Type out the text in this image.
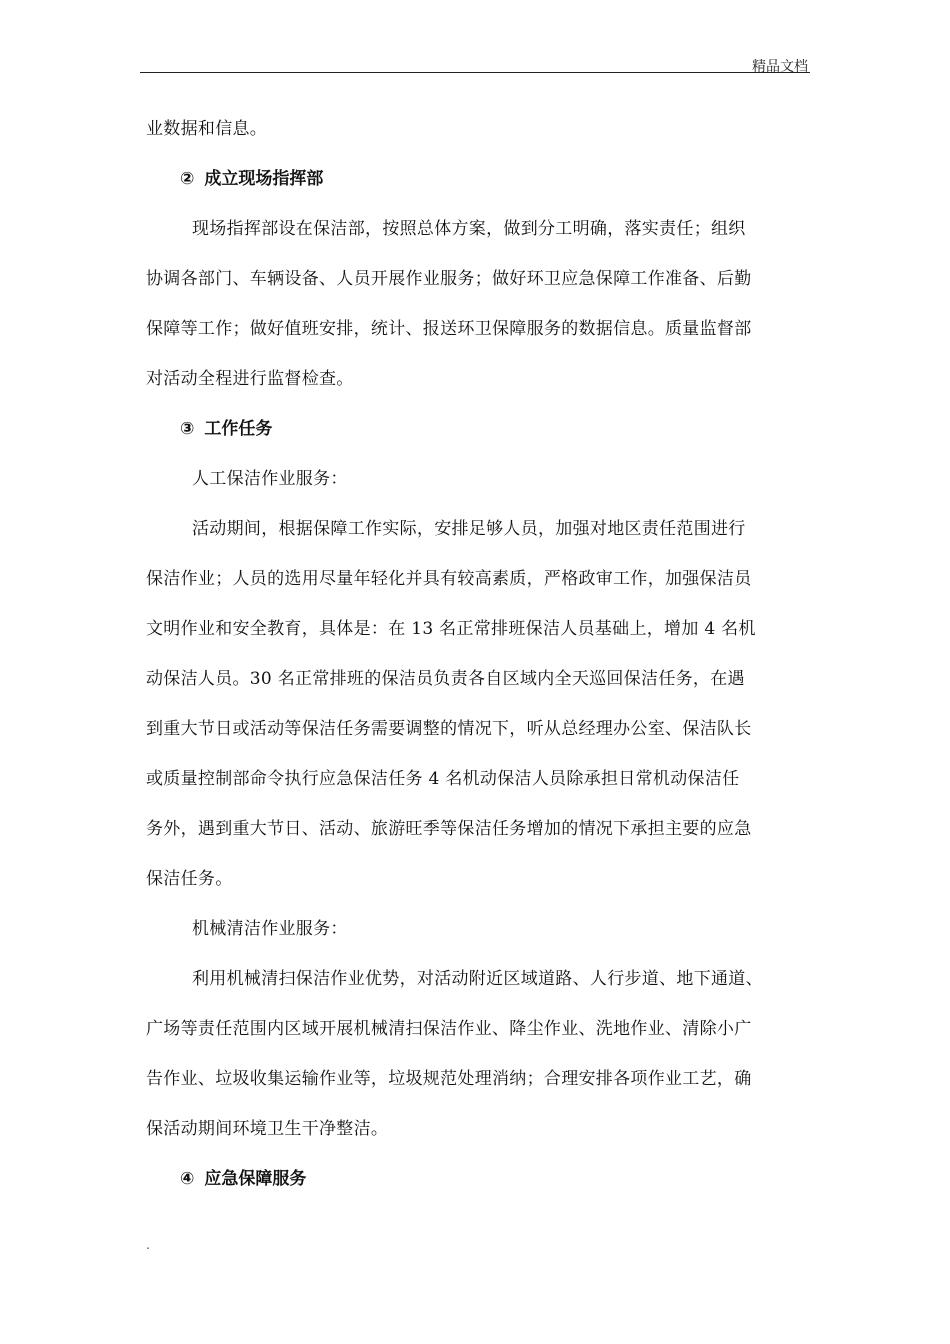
精品文档
业数据和信息。
② 成立现场指挥部
现场指挥部设在保洁部，按照总体方案，做到分工明确，落实责任；组织
协调各部门、车辆设备、人员开展作业服务；做好环卫应急保障工作准备、后勤
保障等工作；做好值班安排，统计、报送环卫保障服务的数据信息。质量监督部
对活动全程进行监督检查。
③ 工作任务
人工保洁作业服务：
活动期间，根据保障工作实际，安排足够人员，加强对地区责任范围进行
保洁作业；人员的选用尽量年轻化并具有较高素质，严格政审工作，加强保洁员
文明作业和安全教育，具体是：在 13 名正常排班保洁人员基础上，增加 4 名机
动保洁人员。30 名正常排班的保洁员负责各自区域内全天巡回保洁任务，在遇
到重大节日或活动等保洁任务需要调整的情况下，听从总经理办公室、保洁队长
或质量控制部命令执行应急保洁任务 4 名机动保洁人员除承担日常机动保洁任
务外，遇到重大节日、活动、旅游旺季等保洁任务增加的情况下承担主要的应急
保洁任务。
机械清洁作业服务：
利用机械清扫保洁作业优势，对活动附近区域道路、人行步道、地下通道、
广场等责任范围内区域开展机械清扫保洁作业、降尘作业、洗地作业、清除小广
告作业、垃圾收集运输作业等，垃圾规范处理消纳；合理安排各项作业工艺，确
保活动期间环境卫生干净整洁。
④ 应急保障服务
.
